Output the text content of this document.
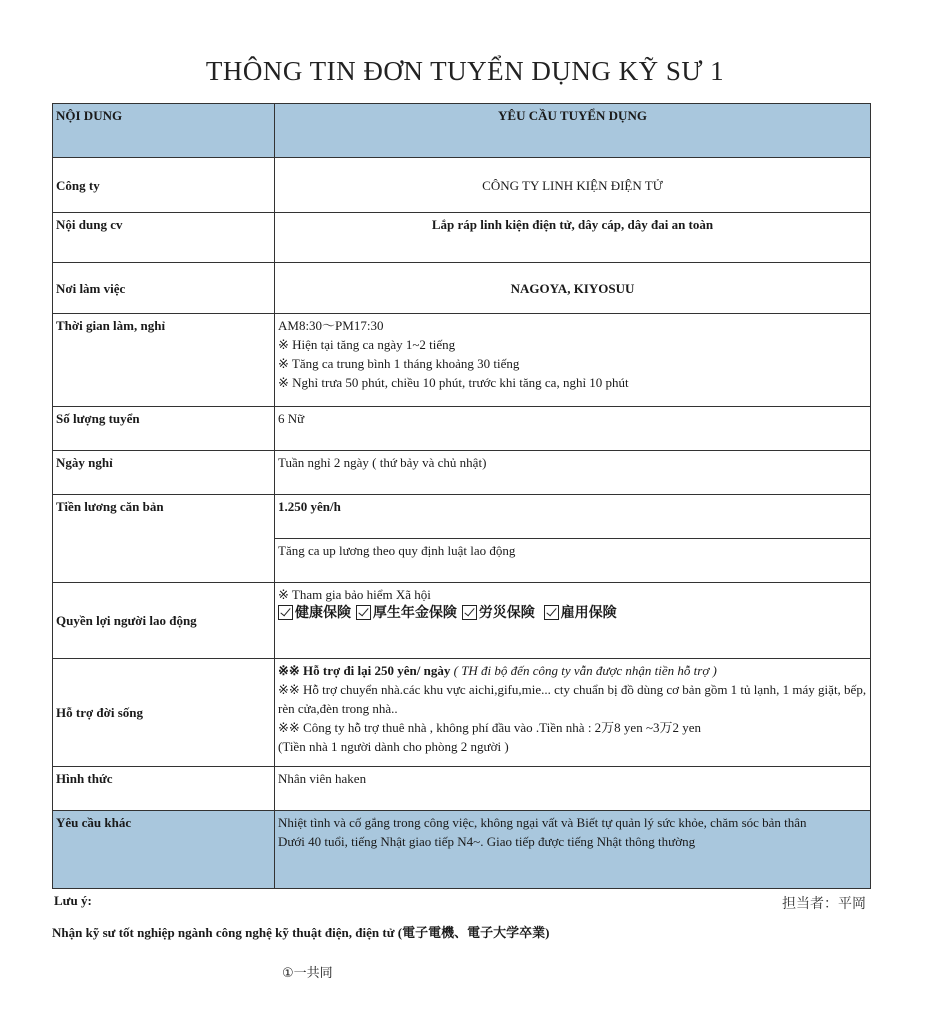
THÔNG TIN ĐƠN TUYỂN DỤNG KỸ SƯ 1
NỘI DUNG	YÊU CẦU TUYỂN DỤNG
Công ty	CÔNG TY LINH KIỆN ĐIỆN TỬ
Nội dung cv	Lắp ráp linh kiện điện tử, dây cáp, dây đai an toàn
Nơi làm việc	NAGOYA, KIYOSUU
Thời gian làm, nghỉ	AM8:30～PM17:30
※ Hiện tại tăng ca ngày 1~2 tiếng
※ Tăng ca trung bình 1 tháng khoảng 30 tiếng
※ Nghỉ trưa 50 phút, chiều 10 phút, trước khi tăng ca, nghỉ 10 phút

Số lượng tuyển	6 Nữ
Ngày nghỉ	Tuần nghỉ 2 ngày ( thứ bảy và chủ nhật)
Tiền lương căn bản	1.250 yên/h
	Tăng ca up lương theo quy định luật lao động
Quyền lợi người lao động	※ Tham gia bảo hiểm Xã hội
健康保険 厚生年金保険 労災保険 雇用保険

Hỗ trợ đời sống	※※ Hỗ trợ đi lại 250 yên/ ngày ( TH đi bộ đến công ty vẫn được nhận tiền hỗ trợ )
※※ Hỗ trợ chuyển nhà.các khu vực aichi,gifu,mie... cty chuẩn bị đồ dùng cơ bản gồm 1 tủ lạnh, 1 máy giặt, bếp, rèn cửa,đèn trong nhà..
※※ Công ty hỗ trợ thuê nhà , không phí đầu vào .Tiền nhà : 2万8 yen ~3万2 yen
(Tiền nhà 1 người dành cho phòng 2 người )

Hình thức	Nhân viên haken
Yêu cầu khác	Nhiệt tình và cố gắng trong công việc, không ngại vất và Biết tự quản lý sức khỏe, chăm sóc bản thân
Dưới 40 tuổi, tiếng Nhật giao tiếp N4~. Giao tiếp được tiếng Nhật thông thường
Lưu ý:	担当者：平岡
Nhận kỹ sư tốt nghiệp ngành công nghệ kỹ thuật điện, điện tử (電子電機、電子大学卒業)
①一共同
